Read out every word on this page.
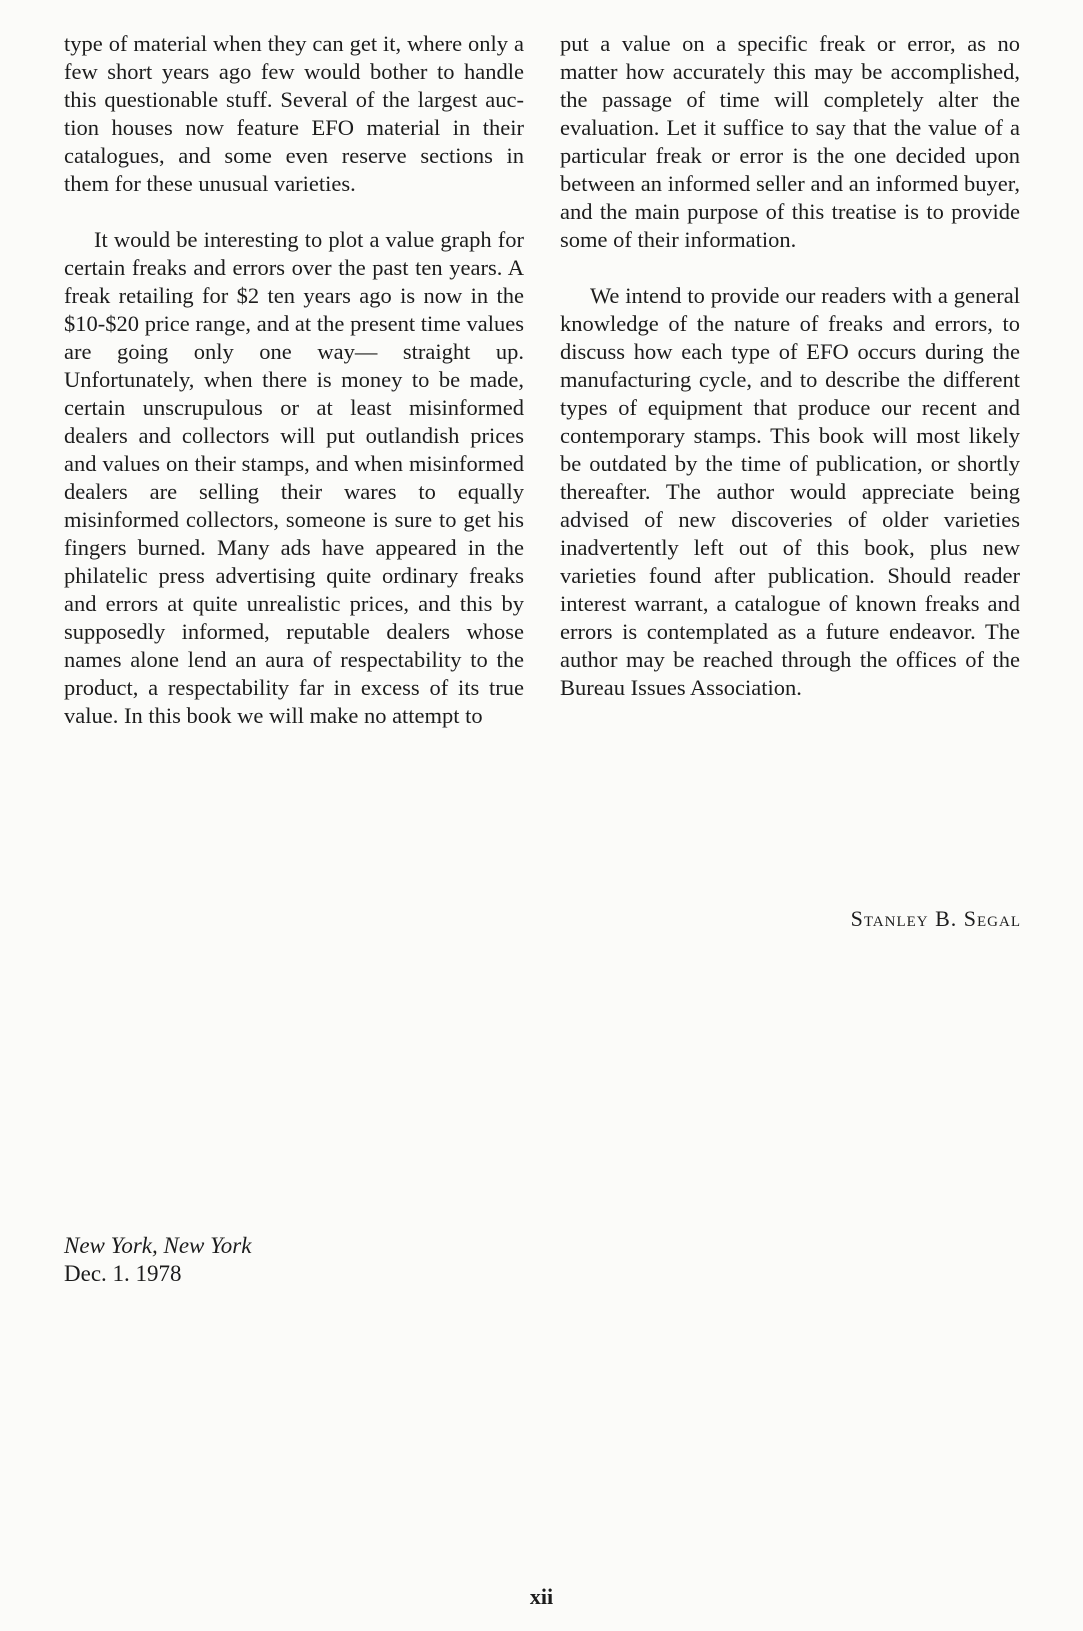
type of material when they can get it, where only a few short years ago few would bother to handle this questionable stuff. Several of the largest auction houses now feature EFO material in their catalogues, and some even reserve sections in them for these unusual varieties.

It would be interesting to plot a value graph for certain freaks and errors over the past ten years. A freak retailing for $2 ten years ago is now in the $10-$20 price range, and at the present time values are going only one way— straight up. Unfortunately, when there is money to be made, certain unscrupulous or at least misinformed dealers and collectors will put outlandish prices and values on their stamps, and when misinformed dealers are selling their wares to equally misinformed collectors, someone is sure to get his fingers burned. Many ads have appeared in the philatelic press advertising quite ordinary freaks and errors at quite unrealistic prices, and this by supposedly informed, reputable dealers whose names alone lend an aura of respectability to the product, a respectability far in excess of its true value. In this book we will make no attempt to

put a value on a specific freak or error, as no matter how accurately this may be accomplished, the passage of time will completely alter the evaluation. Let it suffice to say that the value of a particular freak or error is the one decided upon between an informed seller and an informed buyer, and the main purpose of this treatise is to provide some of their information.

We intend to provide our readers with a general knowledge of the nature of freaks and errors, to discuss how each type of EFO occurs during the manufacturing cycle, and to describe the different types of equipment that produce our recent and contemporary stamps. This book will most likely be outdated by the time of publication, or shortly thereafter. The author would appreciate being advised of new discoveries of older varieties inadvertently left out of this book, plus new varieties found after publication. Should reader interest warrant, a catalogue of known freaks and errors is contemplated as a future endeavor. The author may be reached through the offices of the Bureau Issues Association.

Stanley B. Segal
New York, New York
Dec. 1. 1978
xii
